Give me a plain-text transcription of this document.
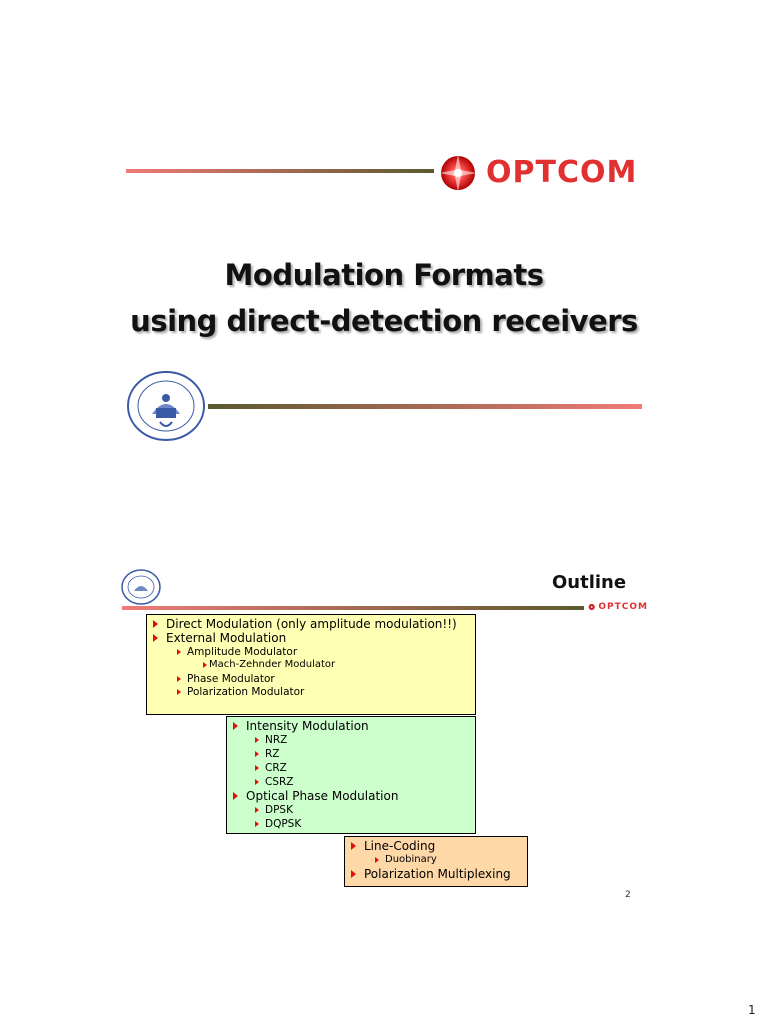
OPTCOM
Modulation Formats
using direct-detection receivers
Outline
OPTCOM
Direct Modulation (only amplitude modulation!!)
External Modulation
Amplitude Modulator
Mach-Zehnder Modulator
Phase Modulator
Polarization Modulator
Intensity Modulation
NRZ
RZ
CRZ
CSRZ
Optical Phase Modulation
DPSK
DQPSK
Line-Coding
Duobinary
Polarization Multiplexing
2
1
